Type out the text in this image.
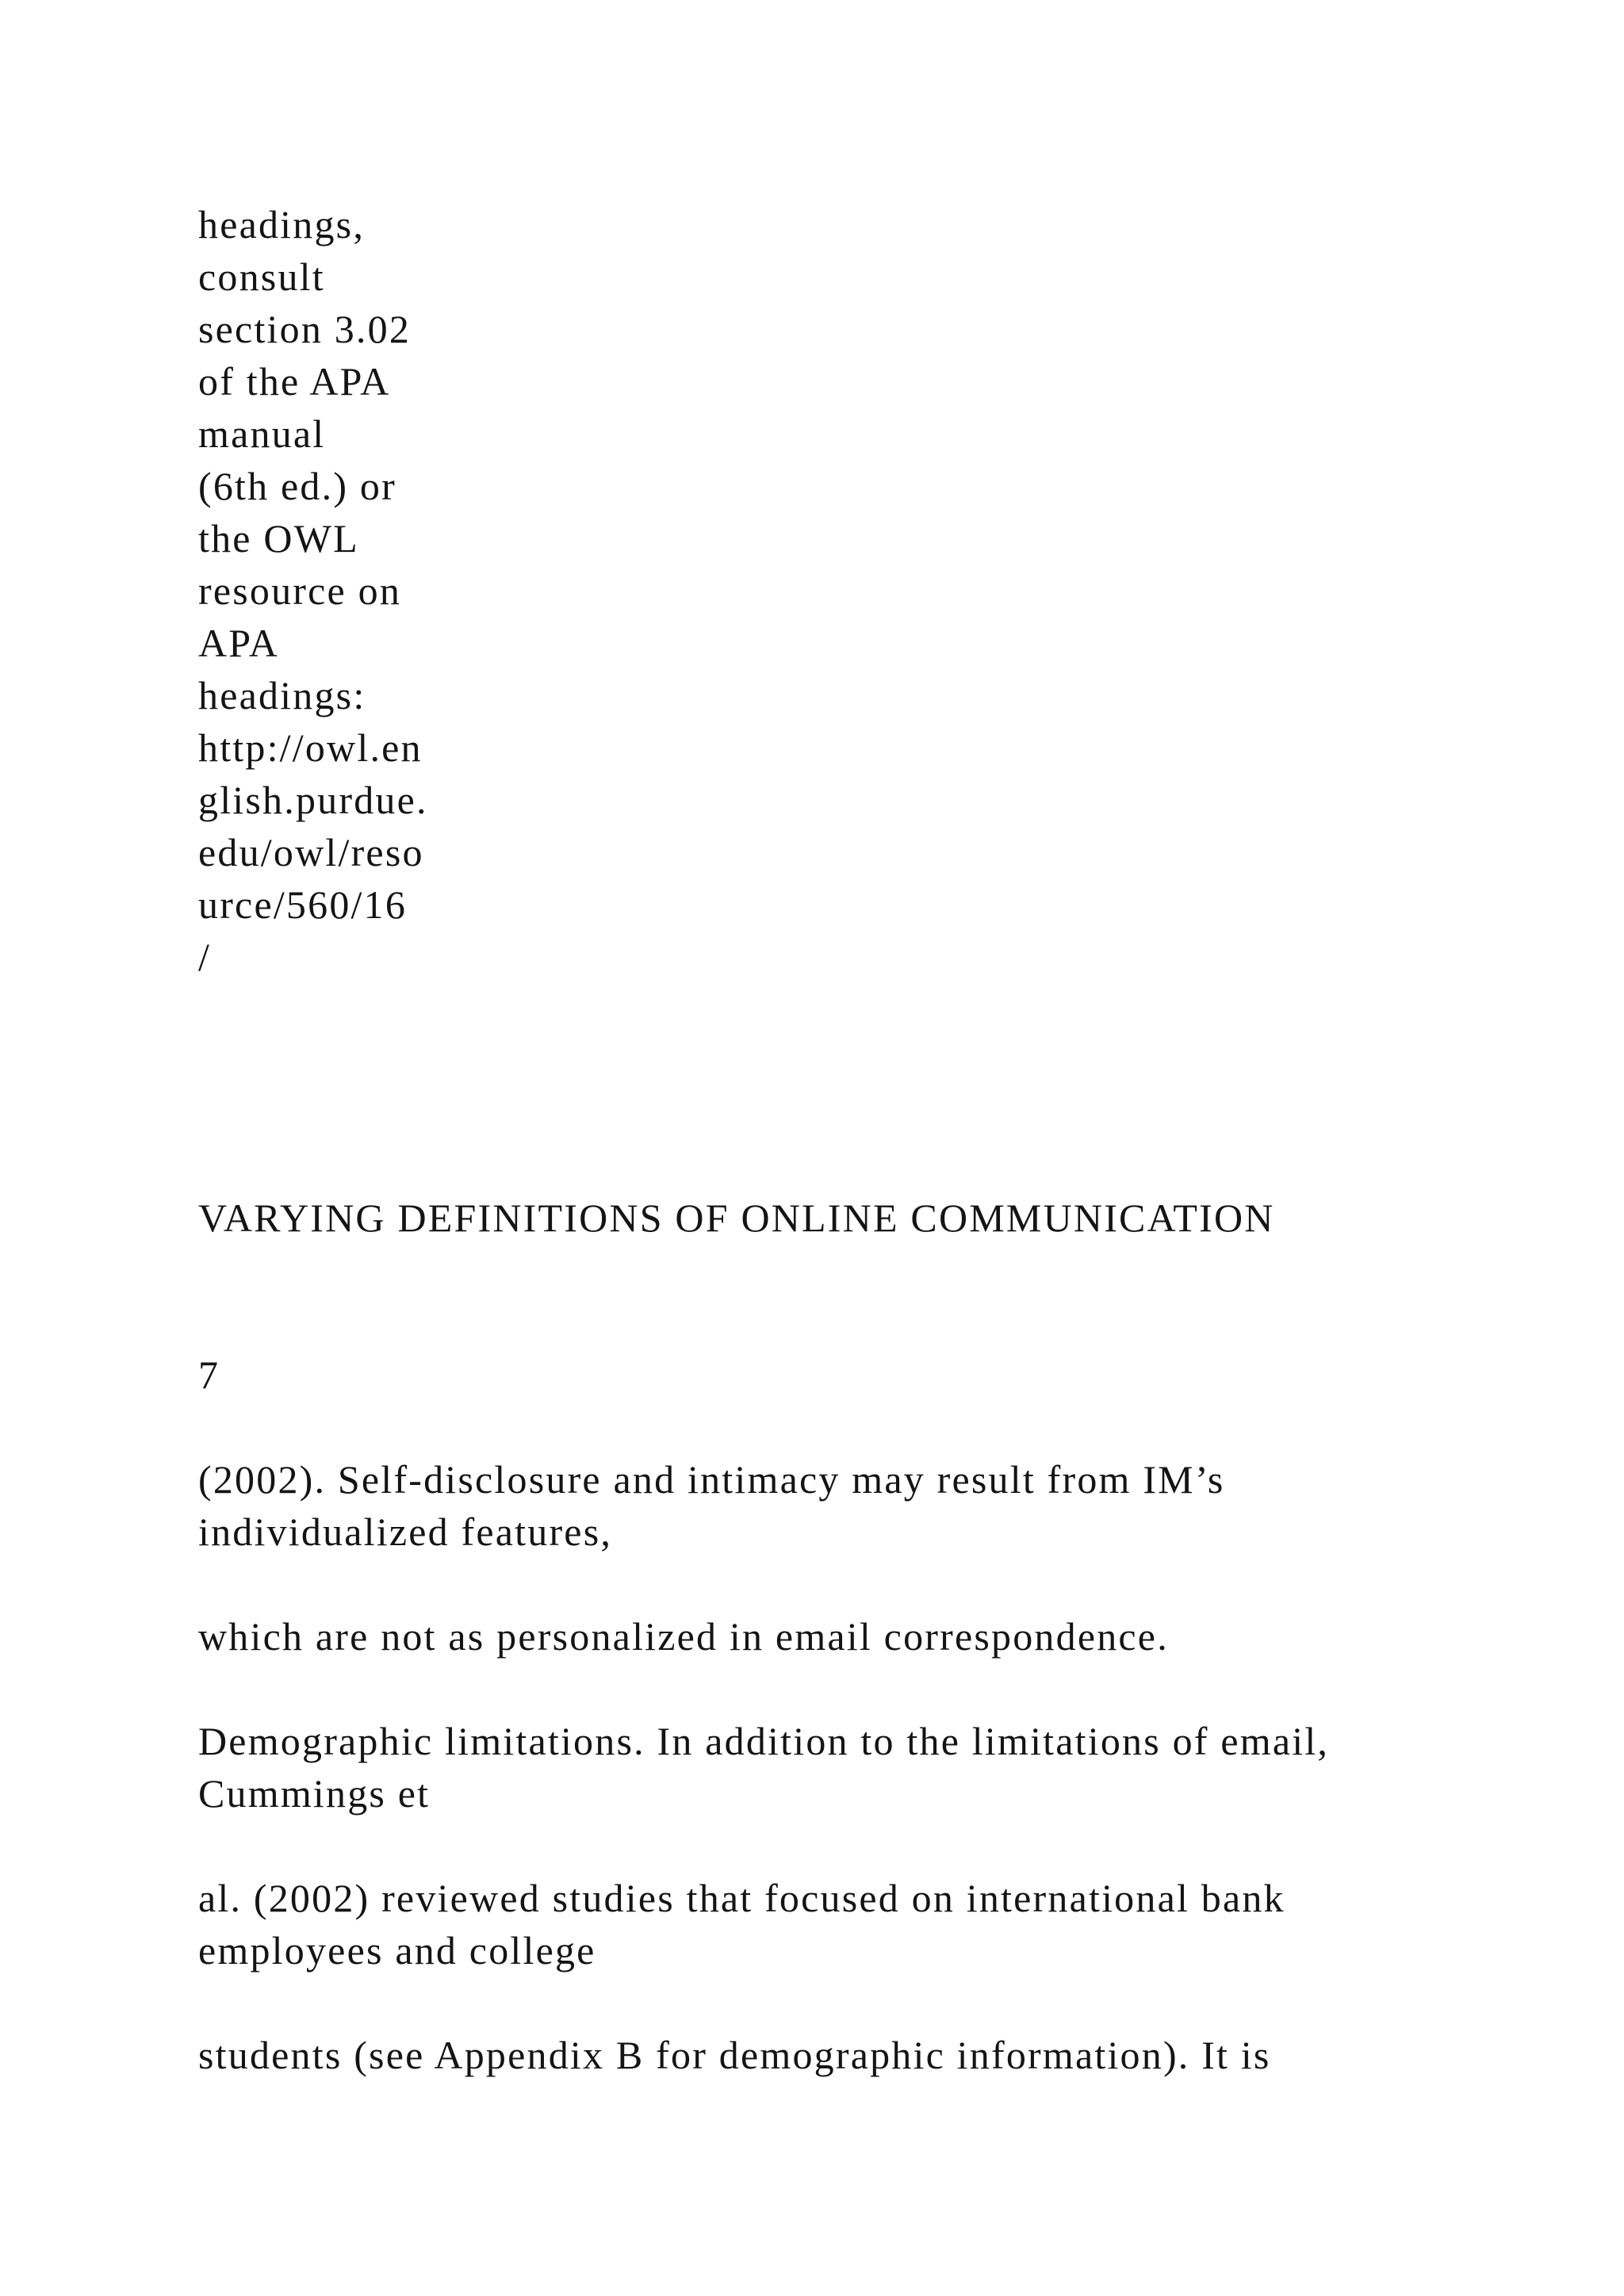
headings,

consult

section 3.02

of the APA

manual

(6th ed.) or

the OWL

resource on

APA

headings:

http://owl.en

glish.purdue.

edu/owl/reso

urce/560/16

/

VARYING DEFINITIONS OF ONLINE COMMUNICATION

7

(2002). Self-disclosure and intimacy may result from IM’s

individualized features,

which are not as personalized in email correspondence.

Demographic limitations. In addition to the limitations of email,

Cummings et

al. (2002) reviewed studies that focused on international bank

employees and college

students (see Appendix B for demographic information). It is
